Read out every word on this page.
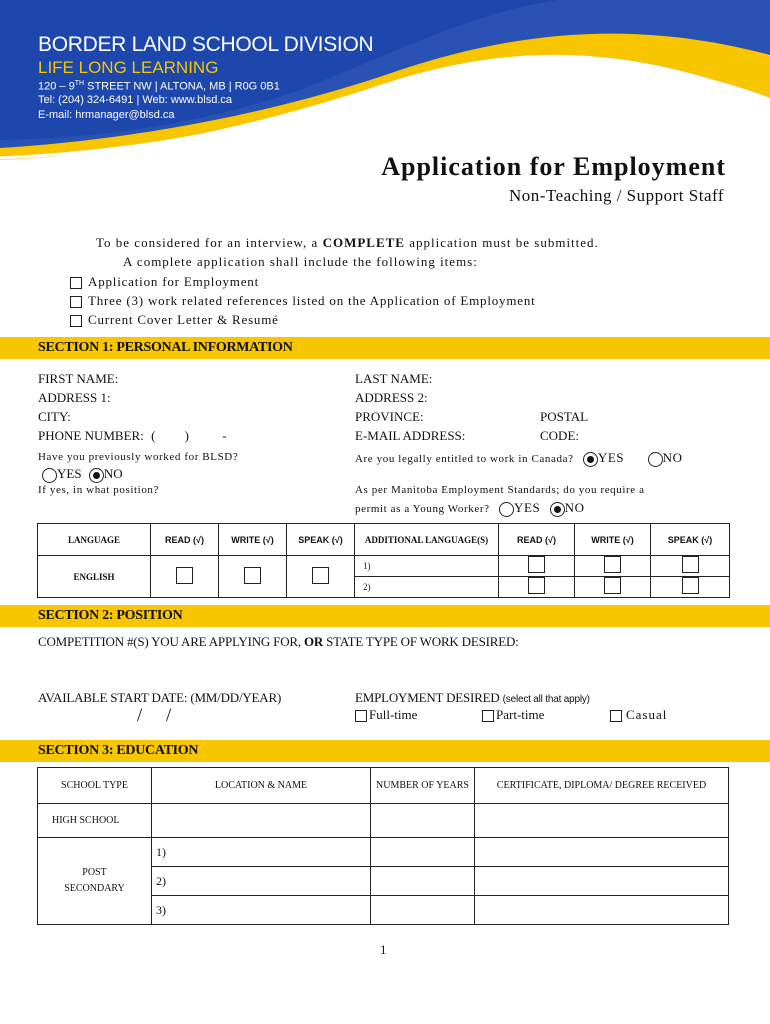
BORDER LAND SCHOOL DIVISION
LIFE LONG LEARNING
120 – 9TH STREET NW | ALTONA, MB | R0G 0B1
Tel: (204) 324-6491 | Web: www.blsd.ca
E-mail: hrmanager@blsd.ca
Application for Employment
Non-Teaching / Support Staff
To be considered for an interview, a COMPLETE application must be submitted.
A complete application shall include the following items:
Application for Employment
Three (3) work related references listed on the Application of Employment
Current Cover Letter & Resumé
SECTION 1: PERSONAL INFORMATION
FIRST NAME:
ADDRESS 1:
CITY:
PHONE NUMBER: ( )	-
LAST NAME:
ADDRESS 2:
PROVINCE:	POSTAL CODE:
E-MAIL ADDRESS:
Have you previously worked for BLSD?
YES NO
If yes, in what position?
Are you legally entitled to work in Canada? YES	NO
As per Manitoba Employment Standards; do you require a
permit as a Young Worker? YES NO
LANGUAGE	READ (√)	WRITE (√)	SPEAK (√)	ADDITIONAL LANGUAGE(S)	READ (√)	WRITE (√)	SPEAK (√)
ENGLISH				1)			
				2)			
SECTION 2: POSITION
COMPETITION #(S) YOU ARE APPLYING FOR, OR STATE TYPE OF WORK DESIRED:
AVAILABLE START DATE: (MM/DD/YEAR)
/     /
EMPLOYMENT DESIRED (select all that apply)
Full-time	Part-time	Casual
SECTION 3: EDUCATION
SCHOOL TYPE	LOCATION & NAME	NUMBER OF YEARS	CERTIFICATE, DIPLOMA/ DEGREE RECEIVED
HIGH SCHOOL			
POST SECONDARY	1)		
	2)		
	3)		
1
